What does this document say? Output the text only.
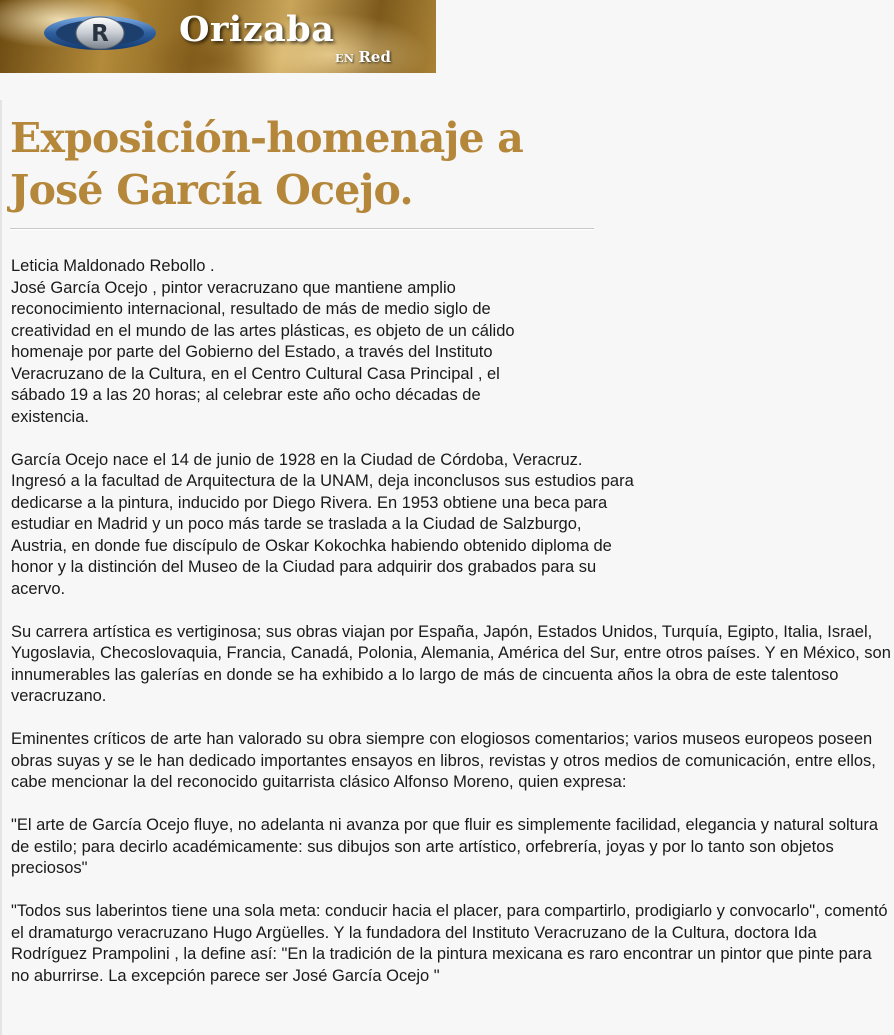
R Orizaba
EN Red
Exposición-homenaje a José García Ocejo.

Leticia Maldonado Rebollo .
José García Ocejo , pintor veracruzano que mantiene amplio reconocimiento internacional, resultado de más de medio siglo de creatividad en el mundo de las artes plásticas, es objeto de un cálido homenaje por parte del Gobierno del Estado, a través del Instituto Veracruzano de la Cultura, en el Centro Cultural Casa Principal , el sábado 19 a las 20 horas; al celebrar este año ocho décadas de existencia.

García Ocejo nace el 14 de junio de 1928 en la Ciudad de Córdoba, Veracruz. Ingresó a la facultad de Arquitectura de la UNAM, deja inconclusos sus estudios para dedicarse a la pintura, inducido por Diego Rivera. En 1953 obtiene una beca para estudiar en Madrid y un poco más tarde se traslada a la Ciudad de Salzburgo, Austria, en donde fue discípulo de Oskar Kokochka habiendo obtenido diploma de honor y la distinción del Museo de la Ciudad para adquirir dos grabados para su acervo.

Su carrera artística es vertiginosa; sus obras viajan por España, Japón, Estados Unidos, Turquía, Egipto, Italia, Israel, Yugoslavia, Checoslovaquia, Francia, Canadá, Polonia, Alemania, América del Sur, entre otros países. Y en México, son innumerables las galerías en donde se ha exhibido a lo largo de más de cincuenta años la obra de este talentoso veracruzano.

Eminentes críticos de arte han valorado su obra siempre con elogiosos comentarios; varios museos europeos poseen obras suyas y se le han dedicado importantes ensayos en libros, revistas y otros medios de comunicación, entre ellos, cabe mencionar la del reconocido guitarrista clásico Alfonso Moreno, quien expresa:

"El arte de García Ocejo fluye, no adelanta ni avanza por que fluir es simplemente facilidad, elegancia y natural soltura de estilo; para decirlo académicamente: sus dibujos son arte artístico, orfebrería, joyas y por lo tanto son objetos preciosos"

"Todos sus laberintos tiene una sola meta: conducir hacia el placer, para compartirlo, prodigiarlo y convocarlo", comentó el dramaturgo veracruzano Hugo Argüelles. Y la fundadora del Instituto Veracruzano de la Cultura, doctora Ida Rodríguez Prampolini , la define así: "En la tradición de la pintura mexicana es raro encontrar un pintor que pinte para no aburrirse. La excepción parece ser José García Ocejo "
